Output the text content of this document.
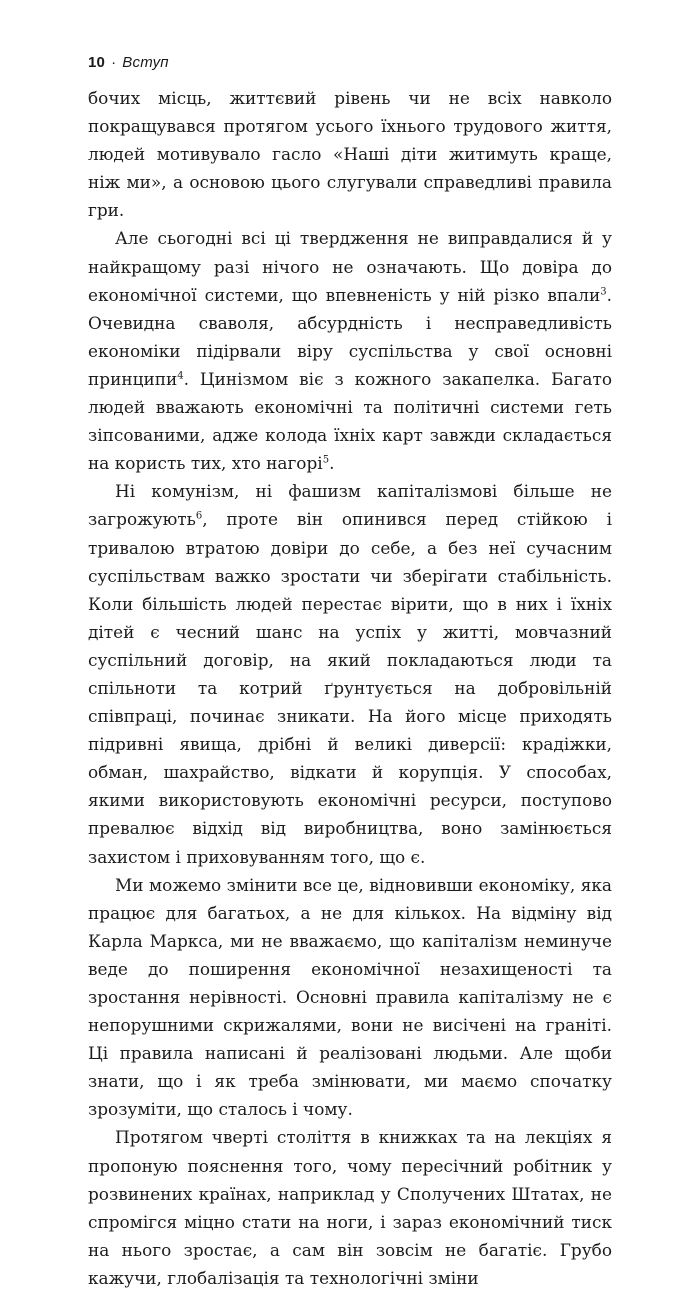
10 · Вступ

бочих місць, життєвий рівень чи не всіх навколо покращувався протягом усього їхнього трудового життя, людей мотивувало гасло «Наші діти житимуть краще, ніж ми», а основою цього слугували справедливі правила гри.

Але сьогодні всі ці твердження не виправдалися й у найкращому разі нічого не означають. Що довіра до економічної системи, що впевненість у ній різко впали$^3$. Очевидна сваволя, абсурдність і несправедливість економіки підірвали віру суспільства у свої основні принципи$^4$. Цинізмом віє з кожного закапелка. Багато людей вважають економічні та політичні системи геть зіпсованими, адже колода їхніх карт завжди складається на користь тих, хто нагорі$^5$.

Ні комунізм, ні фашизм капіталізмові більше не загрожують$^6$, проте він опинився перед стійкою і тривалою втратою довіри до себе, а без неї сучасним суспільствам важко зростати чи зберігати стабільність. Коли більшість людей перестає вірити, що в них і їхніх дітей є чесний шанс на успіх у житті, мовчазний суспільний договір, на який покладаються люди та спільноти та котрий ґрунтується на добровільній співпраці, починає зникати. На його місце приходять підривні явища, дрібні й великі диверсії: крадіжки, обман, шахрайство, відкати й корупція. У способах, якими використовують економічні ресурси, поступово превалює відхід від виробництва, воно замінюється захистом і приховуванням того, що є.

Ми можемо змінити все це, відновивши економіку, яка працює для багатьох, а не для кількох. На відміну від Карла Маркса, ми не вважаємо, що капіталізм неминуче веде до поширення економічної незахищеності та зростання нерівності. Основні правила капіталізму не є непорушними скрижалями, вони не висічені на граніті. Ці правила написані й реалізовані людьми. Але щоби знати, що і як треба змінювати, ми маємо спочатку зрозуміти, що сталось і чому.

Протягом чверті століття в книжках та на лекціях я пропоную пояснення того, чому пересічний робітник у розвинених країнах, наприклад у Сполучених Штатах, не спромігся міцно стати на ноги, і зараз економічний тиск на нього зростає, а сам він зовсім не багатіє. Грубо кажучи, глобалізація та технологічні зміни
